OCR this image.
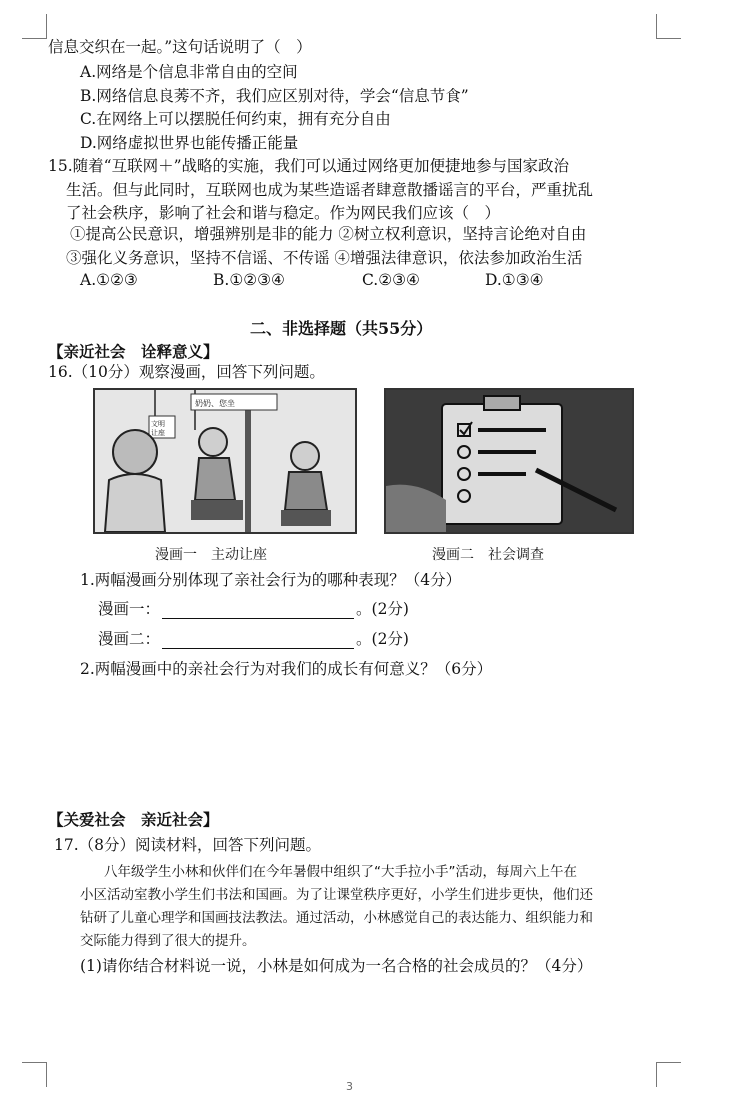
信息交织在一起。”这句话说明了（　）
A.网络是个信息非常自由的空间
B.网络信息良莠不齐，我们应区别对待，学会“信息节食”
C.在网络上可以摆脱任何约束，拥有充分自由
D.网络虚拟世界也能传播正能量
15.随着“互联网＋”战略的实施，我们可以通过网络更加便捷地参与国家政治
生活。但与此同时，互联网也成为某些造谣者肆意散播谣言的平台，严重扰乱
了社会秩序，影响了社会和谐与稳定。作为网民我们应该（　）
①提高公民意识，增强辨别是非的能力 ②树立权利意识，坚持言论绝对自由
③强化义务意识，坚持不信谣、不传谣 ④增强法律意识，依法参加政治生活
A.①②③	B.①②③④	C.②③④	D.①③④
二、非选择题（共55分）
【亲近社会　诠释意义】
16.（10分）观察漫画，回答下列问题。
奶奶、您坐
文明
让座
漫画一　主动让座	漫画二　社会调查
1.两幅漫画分别体现了亲社会行为的哪种表现？（4分）
漫画一：	。(2分)
漫画二：	。(2分)
2.两幅漫画中的亲社会行为对我们的成长有何意义？（6分）
【关爱社会　亲近社会】
17.（8分）阅读材料，回答下列问题。
八年级学生小林和伙伴们在今年暑假中组织了“大手拉小手”活动，每周六上午在
小区活动室教小学生们书法和国画。为了让课堂秩序更好，小学生们进步更快，他们还
钻研了儿童心理学和国画技法教法。通过活动，小林感觉自己的表达能力、组织能力和
交际能力得到了很大的提升。
(1)请你结合材料说一说，小林是如何成为一名合格的社会成员的？（4分）
3
